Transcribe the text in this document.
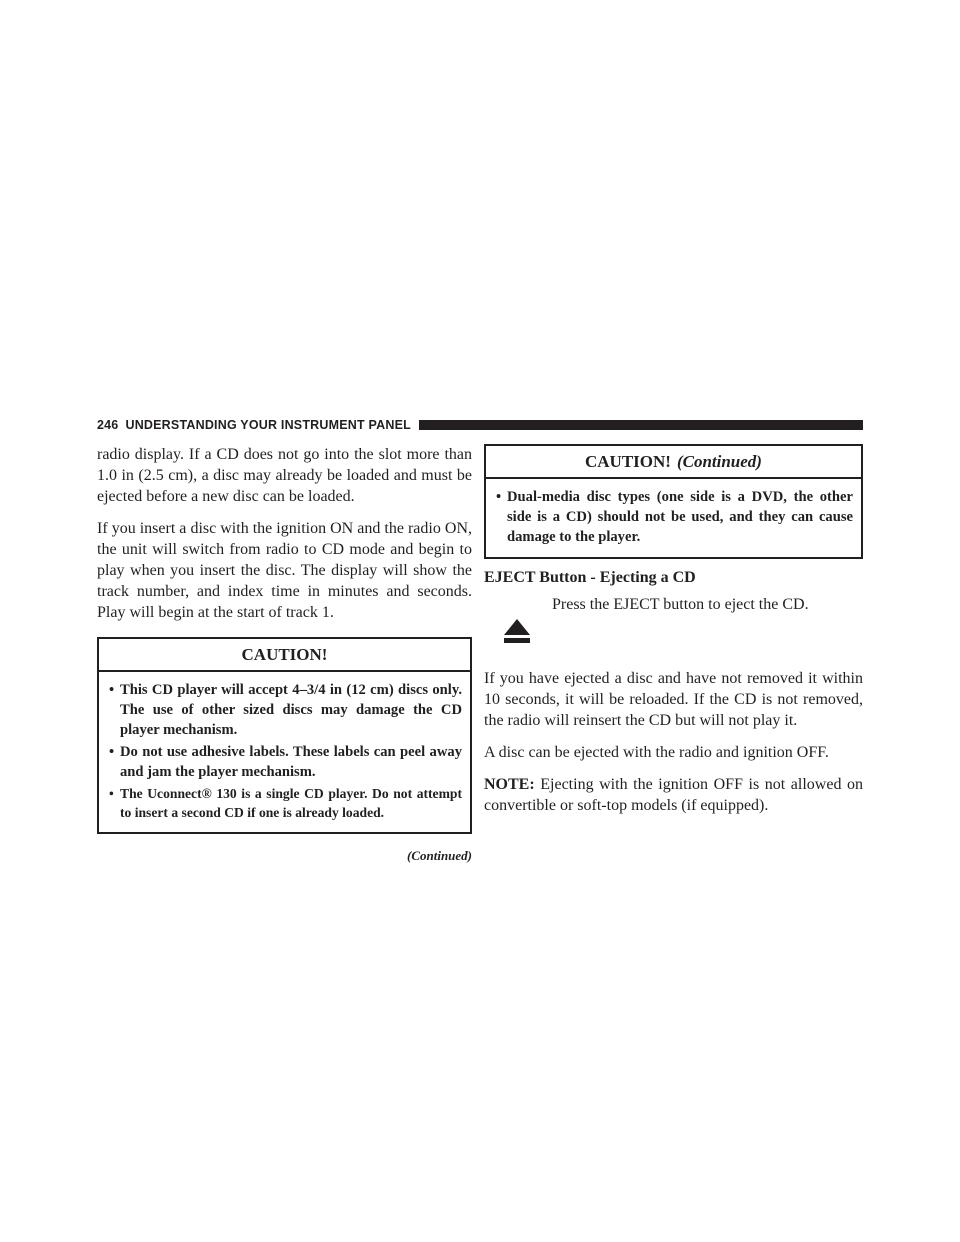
246 UNDERSTANDING YOUR INSTRUMENT PANEL

radio display. If a CD does not go into the slot more than 1.0 in (2.5 cm), a disc may already be loaded and must be ejected before a new disc can be loaded.

If you insert a disc with the ignition ON and the radio ON, the unit will switch from radio to CD mode and begin to play when you insert the disc. The display will show the track number, and index time in minutes and seconds. Play will begin at the start of track 1.

CAUTION!
• This CD player will accept 4–3/4 in (12 cm) discs only. The use of other sized discs may damage the CD player mechanism.
• Do not use adhesive labels. These labels can peel away and jam the player mechanism.
• The Uconnect® 130 is a single CD player. Do not attempt to insert a second CD if one is already loaded.
(Continued)
CAUTION! (Continued)
• Dual-media disc types (one side is a DVD, the other side is a CD) should not be used, and they can cause damage to the player.
EJECT Button - Ejecting a CD
Press the EJECT button to eject the CD.

If you have ejected a disc and have not removed it within 10 seconds, it will be reloaded. If the CD is not removed, the radio will reinsert the CD but will not play it.

A disc can be ejected with the radio and ignition OFF.

NOTE: Ejecting with the ignition OFF is not allowed on convertible or soft-top models (if equipped).
